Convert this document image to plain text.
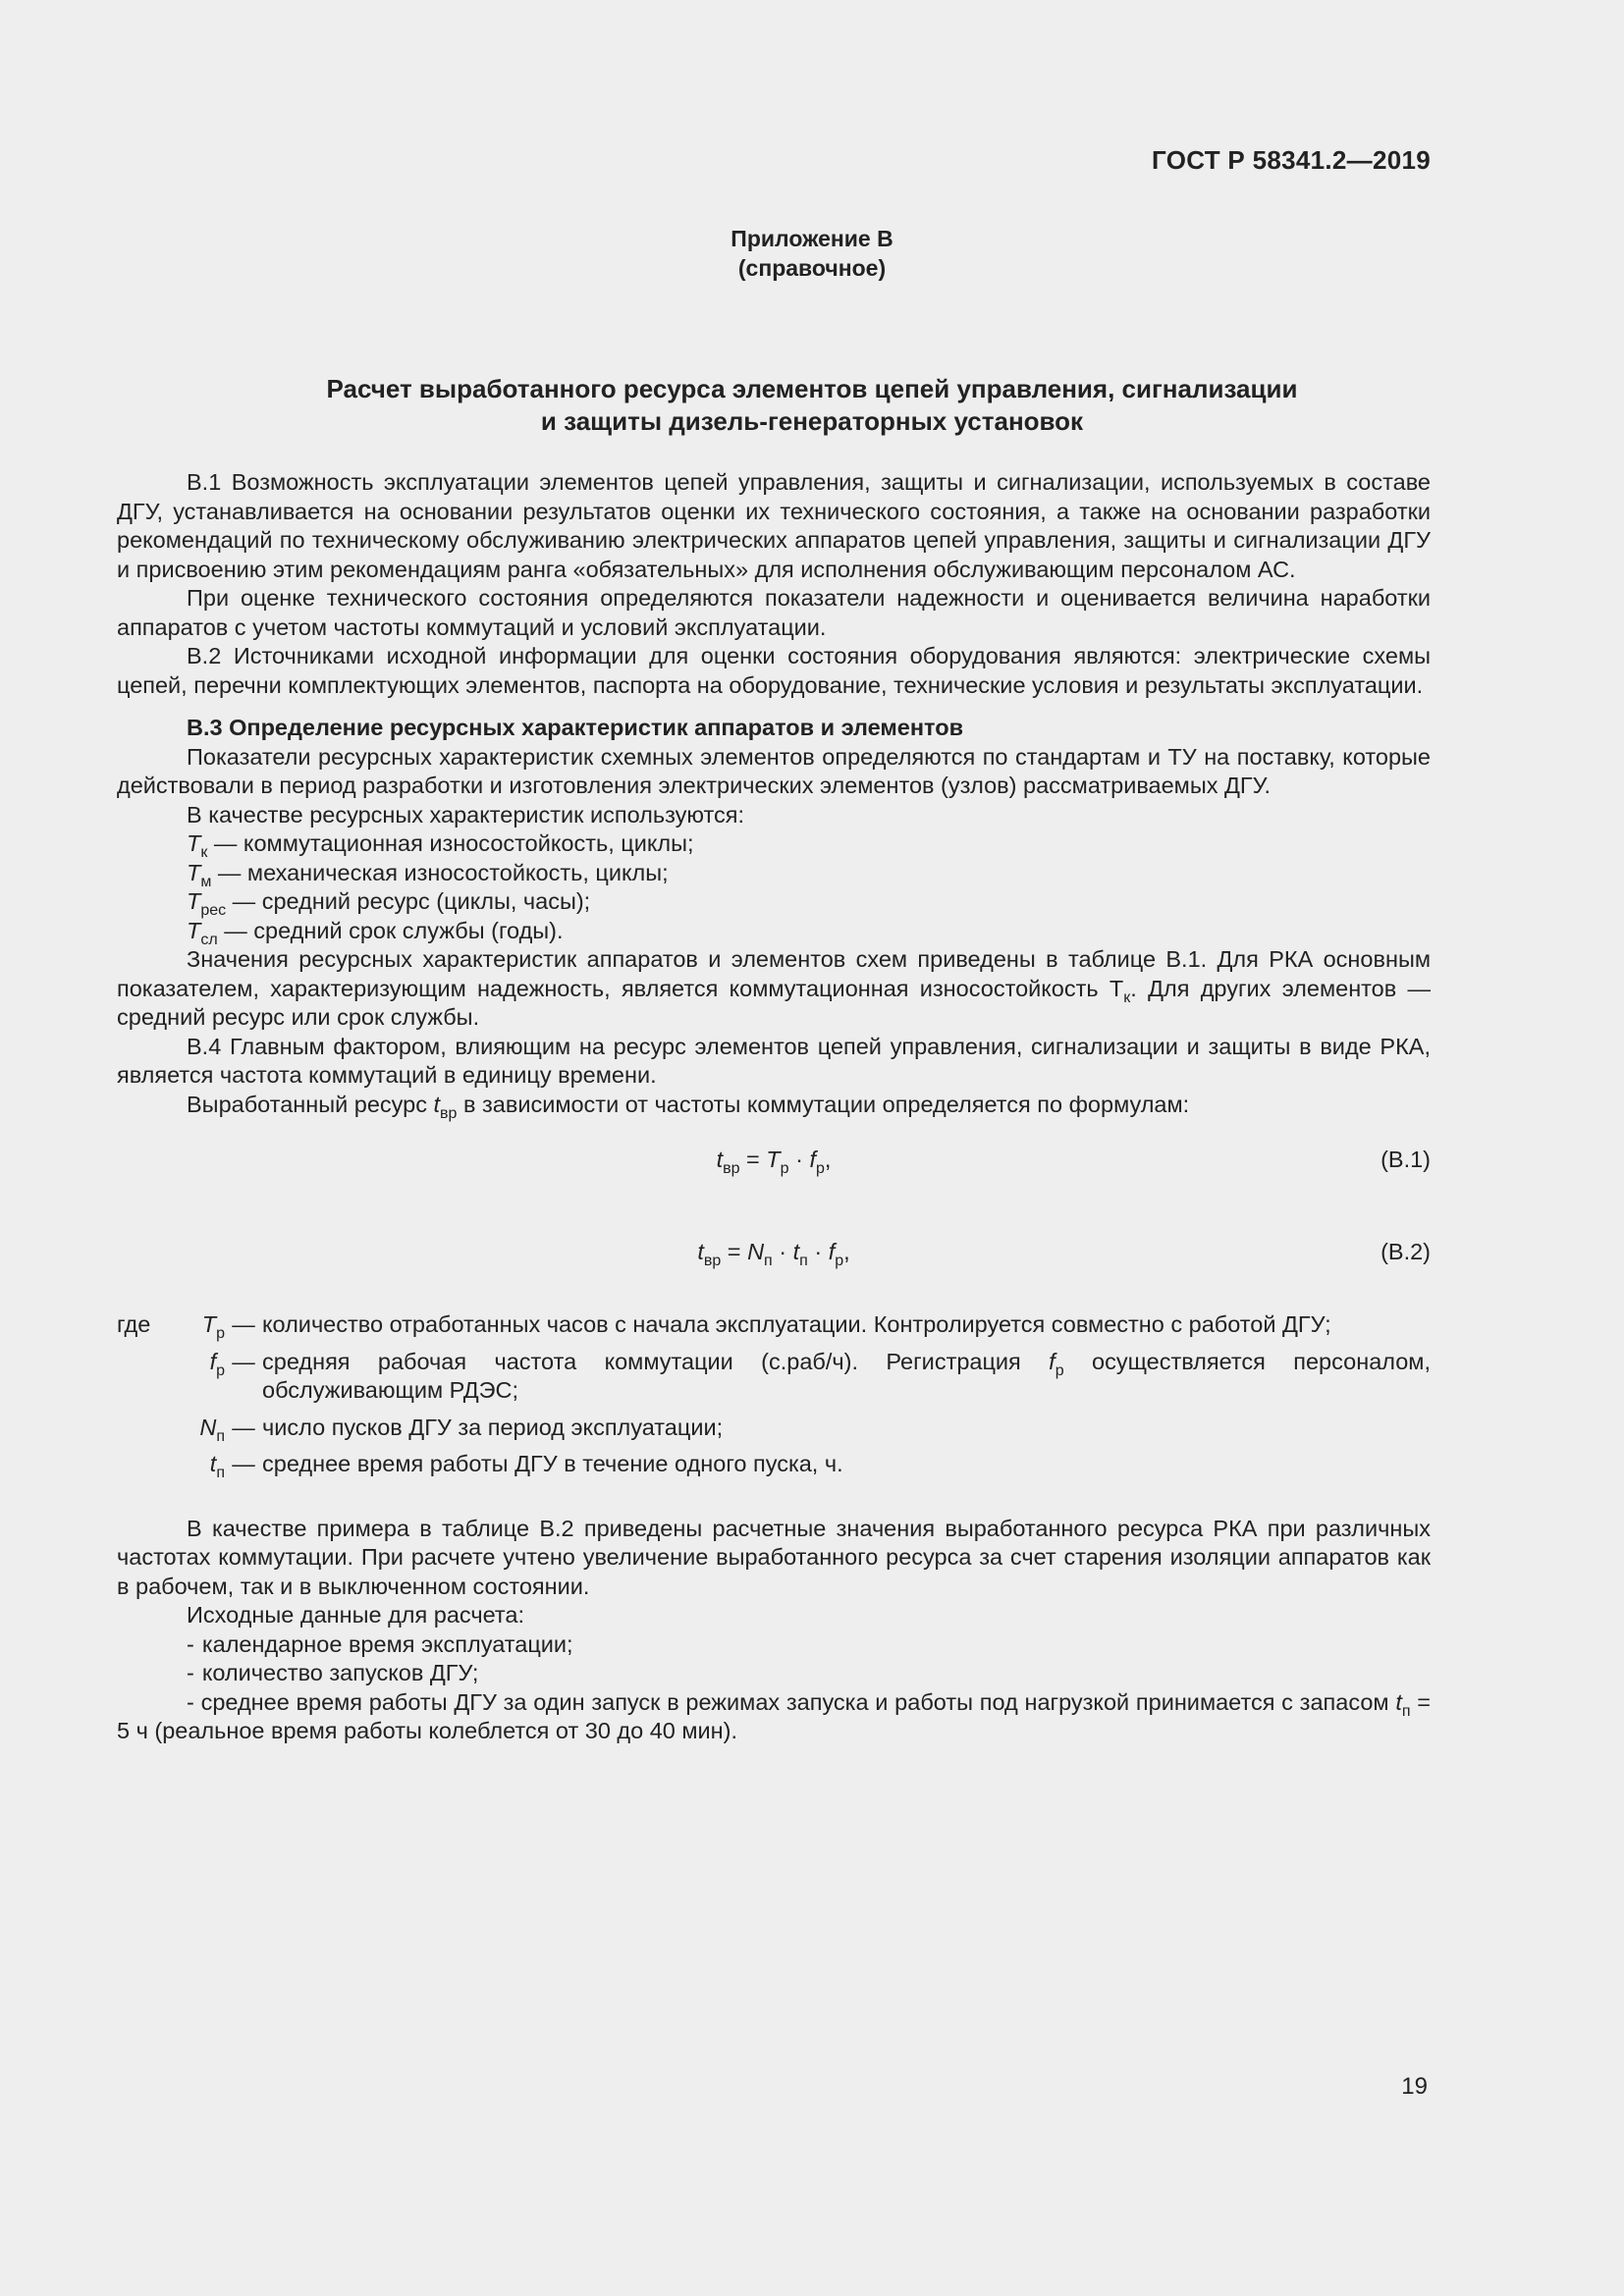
ГОСТ Р 58341.2—2019
Приложение В
(справочное)
Расчет выработанного ресурса элементов цепей управления, сигнализации
и защиты дизель-генераторных установок

В.1 Возможность эксплуатации элементов цепей управления, защиты и сигнализации, используемых в составе ДГУ, устанавливается на основании результатов оценки их технического состояния, а также на основании разработки рекомендаций по техническому обслуживанию электрических аппаратов цепей управления, защиты и сигнализации ДГУ и присвоению этим рекомендациям ранга «обязательных» для исполнения обслуживающим персоналом АС.

При оценке технического состояния определяются показатели надежности и оценивается величина наработки аппаратов с учетом частоты коммутаций и условий эксплуатации.

В.2 Источниками исходной информации для оценки состояния оборудования являются: электрические схемы цепей, перечни комплектующих элементов, паспорта на оборудование, технические условия и результаты эксплуатации.

В.3 Определение ресурсных характеристик аппаратов и элементов

Показатели ресурсных характеристик схемных элементов определяются по стандартам и ТУ на поставку, которые действовали в период разработки и изготовления электрических элементов (узлов) рассматриваемых ДГУ.

В качестве ресурсных характеристик используются:

$T_к$ — коммутационная износостойкость, циклы;
$T_м$ — механическая износостойкость, циклы;
$T_{рес}$ — средний ресурс (циклы, часы);
$T_{сл}$ — средний срок службы (годы).

Значения ресурсных характеристик аппаратов и элементов схем приведены в таблице В.1. Для РКА основным показателем, характеризующим надежность, является коммутационная износостойкость $T_к$. Для других элементов — средний ресурс или срок службы.

В.4 Главным фактором, влияющим на ресурс элементов цепей управления, сигнализации и защиты в виде РКА, является частота коммутаций в единицу времени.

Выработанный ресурс $t_{вр}$ в зависимости от частоты коммутации определяется по формулам:

$t_{вр} = T_р \cdot f_р$,	(В.1)
$t_{вр} = N_п \cdot t_п \cdot f_р$,	(В.2)
где $T_р$ — количество отработанных часов с начала эксплуатации. Контролируется совместно с работой ДГУ;
$f_р$ — средняя рабочая частота коммутации (с.раб/ч). Регистрация $f_р$ осуществляется персоналом, обслуживающим РДЭС;
$N_п$ — число пусков ДГУ за период эксплуатации;
$t_п$ — среднее время работы ДГУ в течение одного пуска, ч.

В качестве примера в таблице В.2 приведены расчетные значения выработанного ресурса РКА при различных частотах коммутации. При расчете учтено увеличение выработанного ресурса за счет старения изоляции аппаратов как в рабочем, так и в выключенном состоянии.

Исходные данные для расчета:

- календарное время эксплуатации;
- количество запусков ДГУ;

- среднее время работы ДГУ за один запуск в режимах запуска и работы под нагрузкой принимается с запасом $t_п = 5$ ч (реальное время работы колеблется от 30 до 40 мин).

19
